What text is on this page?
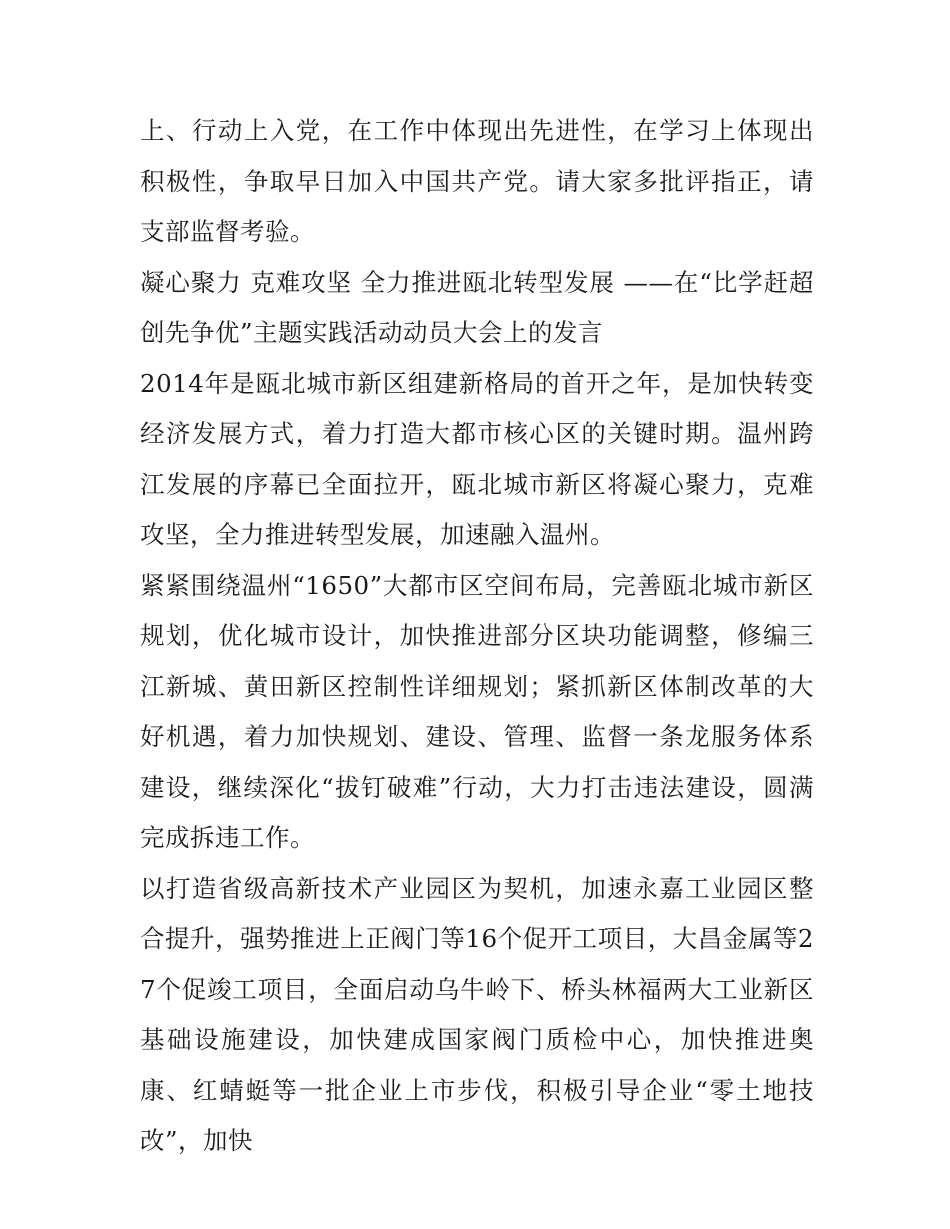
上、行动上入党，在工作中体现出先进性，在学习上体现出积极性，争取早日加入中国共产党。请大家多批评指正，请支部监督考验。

凝心聚力 克难攻坚 全力推进瓯北转型发展 ——在“比学赶超创先争优”主题实践活动动员大会上的发言

2014年是瓯北城市新区组建新格局的首开之年，是加快转变经济发展方式，着力打造大都市核心区的关键时期。温州跨江发展的序幕已全面拉开，瓯北城市新区将凝心聚力，克难攻坚，全力推进转型发展，加速融入温州。

紧紧围绕温州“1650”大都市区空间布局，完善瓯北城市新区规划，优化城市设计，加快推进部分区块功能调整，修编三江新城、黄田新区控制性详细规划；紧抓新区体制改革的大好机遇，着力加快规划、建设、管理、监督一条龙服务体系建设，继续深化“拔钉破难”行动，大力打击违法建设，圆满完成拆违工作。

以打造省级高新技术产业园区为契机，加速永嘉工业园区整合提升，强势推进上正阀门等16个促开工项目，大昌金属等27个促竣工项目，全面启动乌牛岭下、桥头林福两大工业新区基础设施建设，加快建成国家阀门质检中心，加快推进奥康、红蜻蜓等一批企业上市步伐，积极引导企业“零土地技改”，加快
